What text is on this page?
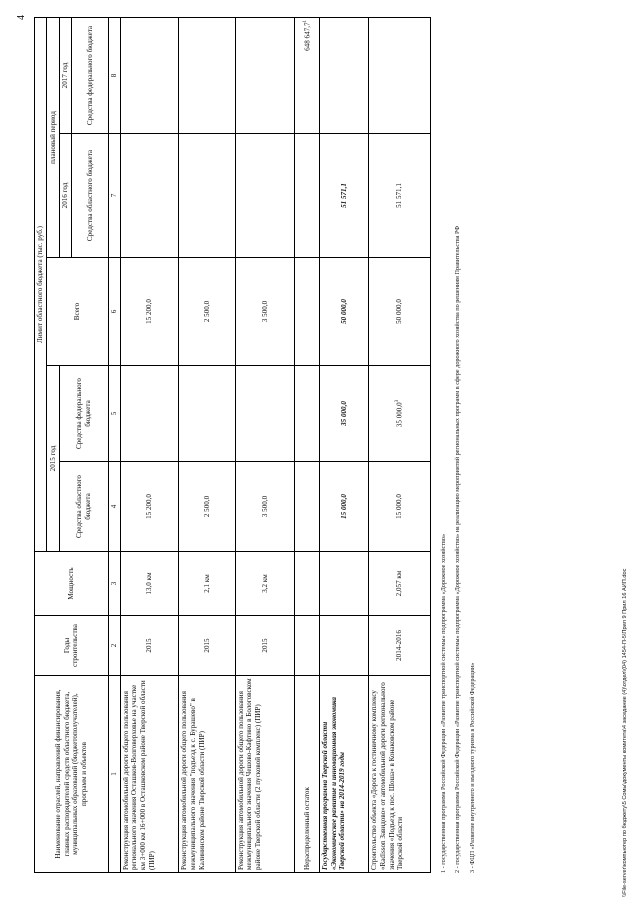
4
Наименование отраслей, направлений финансирования, главных распорядителей средств областного бюджета, муниципальных образований (бюджетополучателей), программ и объектов	Годы строительства	Мощность	Лимит областного бюджета (тыс. руб.)				
			2015 год		Всего	плановый период	
			Средства областного бюджета	Средства федерального бюджета		2016 год	2017 год
						Средства областного бюджета	Средства федерального бюджета
1	2	3	4	5	6	7	8
Реконструкция автомобильной дороги общего пользования регионального значения Осташков-Волговерховье на участке км 3+000 км 16+000 в Осташковском районе Тверской области (ПИР)	2015	13,0 км	15 200,0		15 200,0		
Реконструкция автомобильной дороги общего пользования межмуниципального значения "подъезд к с. Бурашево" в Калининском районе Тверской области (ПИР)	2015	2,1 км	2 500,0		2 500,0		
Реконструкция автомобильной дороги общего пользования межмуниципального значения Чешово-Кафтино в Бологовском районе Тверской области (2 пусковой комплекс) (ПИР)	2015	3,2 км	3 500,0		3 500,0		
Нераспределенный остаток							648 647,7$^1$
Государственная программа Тверской области «Экономическое развитие и инновационная экономика Тверской области» на 2014-2019 годы			15 000,0	35 000,0	50 000,0	51 571,1	
Строительство объекта «Дорога к гостиничному комплексу «Radisson Завидово» от автомобильной дороги регионального значения «Подъезд к пос. Шоша» в Конаковском районе Тверской области	2014-2016	2,057 км	15 000,0	35 000,0$^3$	50 000,0	51 571,1	

1 - государственная программа Российской Федерации «Развитие транспортной системы» подпрограмма «Дорожное хозяйство» 2 - государственная программа Российской Федерации «Развитие транспортной системы» подпрограмма «Дорожное хозяйство» на реализацию мероприятий региональных программ в сфере дорожного хозяйства по решениям Правительства РФ 3 - ФЦП «Развитие внутреннего и въездного туризма в Российской Федерации»	\\File-server\компьютер по бюджету\5 Сомы\документы комитета\4 заседание (4)\отдел\(04) 1454-П-5\Прил 9 Прил 16 АИП.doc
